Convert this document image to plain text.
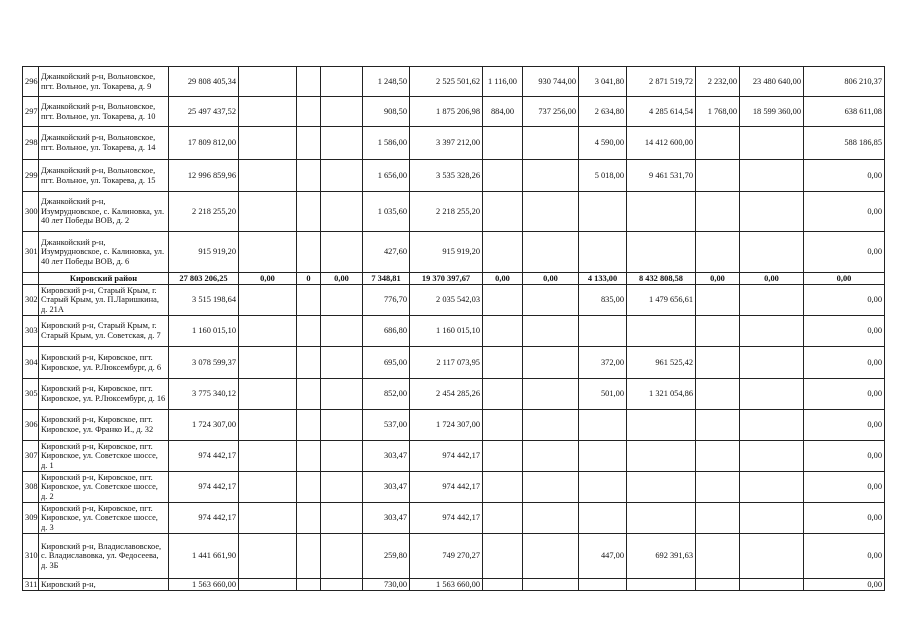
296	Джанкойский р-н, Вольновское, пгт. Вольное, ул. Токарева, д. 9	29 808 405,34				1 248,50	2 525 501,62	1 116,00	930 744,00	3 041,80	2 871 519,72	2 232,00	23 480 640,00	806 210,37
297	Джанкойский р-н, Вольновское, пгт. Вольное, ул. Токарева, д. 10	25 497 437,52				908,50	1 875 206,98	884,00	737 256,00	2 634,80	4 285 614,54	1 768,00	18 599 360,00	638 611,08
298	Джанкойский р-н, Вольновское, пгт. Вольное, ул. Токарева, д. 14	17 809 812,00				1 586,00	3 397 212,00			4 590,00	14 412 600,00			588 186,85
299	Джанкойский р-н, Вольновское, пгт. Вольное, ул. Токарева, д. 15	12 996 859,96				1 656,00	3 535 328,26			5 018,00	9 461 531,70			0,00
300	Джанкойский р-н, Изумрудновское, с. Калиновка, ул. 40 лет Победы ВОВ, д. 2	2 218 255,20				1 035,60	2 218 255,20							0,00
301	Джанкойский р-н, Изумрудновское, с. Калиновка, ул. 40 лет Победы ВОВ, д. 6	915 919,20				427,60	915 919,20							0,00
	Кировский район	27 803 206,25	0,00	0	0,00	7 348,81	19 370 397,67	0,00	0,00	4 133,00	8 432 808,58	0,00	0,00	0,00
302	Кировский р-н, Старый Крым, г. Старый Крым, ул. П.Ларишкина, д. 21А	3 515 198,64				776,70	2 035 542,03			835,00	1 479 656,61			0,00
303	Кировский р-н, Старый Крым, г. Старый Крым, ул. Советская, д. 7	1 160 015,10				686,80	1 160 015,10							0,00
304	Кировский р-н, Кировское, пгт. Кировское, ул. Р.Люксембург, д. 6	3 078 599,37				695,00	2 117 073,95			372,00	961 525,42			0,00
305	Кировский р-н, Кировское, пгт. Кировское, ул. Р.Люксембург, д. 16	3 775 340,12				852,00	2 454 285,26			501,00	1 321 054,86			0,00
306	Кировский р-н, Кировское, пгт. Кировское, ул. Франко И., д. 32	1 724 307,00				537,00	1 724 307,00							0,00
307	Кировский р-н, Кировское, пгт. Кировское, ул. Советское шоссе, д. 1	974 442,17				303,47	974 442,17							0,00
308	Кировский р-н, Кировское, пгт. Кировское, ул. Советское шоссе, д. 2	974 442,17				303,47	974 442,17							0,00
309	Кировский р-н, Кировское, пгт. Кировское, ул. Советское шоссе, д. 3	974 442,17				303,47	974 442,17							0,00
310	Кировский р-н, Владиславовское, с. Владиславовка, ул. Федосеева, д. 3Б	1 441 661,90				259,80	749 270,27			447,00	692 391,63			0,00
311	Кировский р-н,	1 563 660,00				730,00	1 563 660,00							0,00
